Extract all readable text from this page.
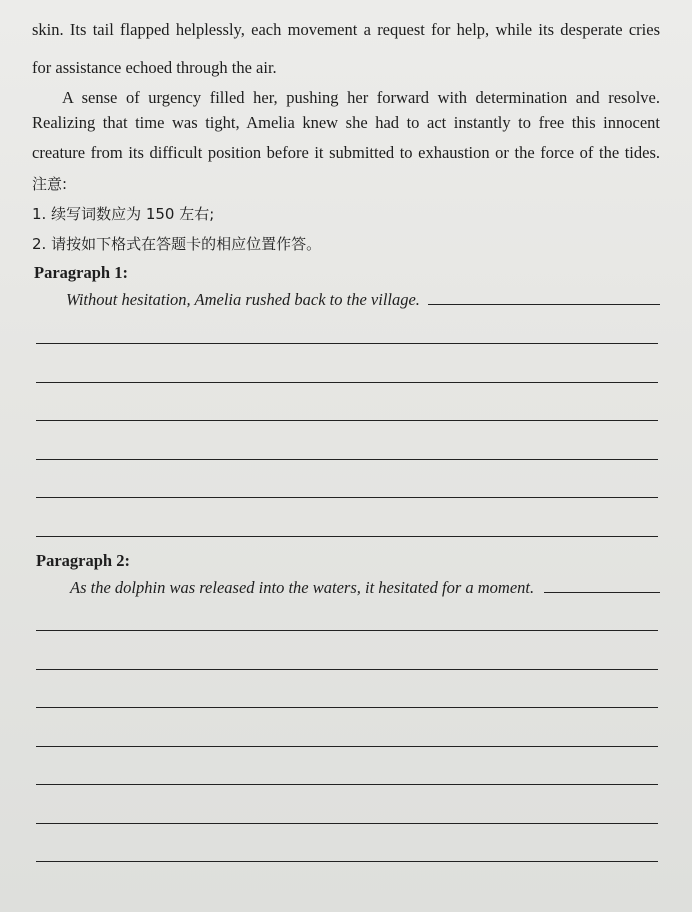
skin. Its tail flapped helplessly, each movement a request for help, while its desperate cries
for assistance echoed through the air.
A sense of urgency filled her, pushing her forward with determination and resolve.
Realizing that time was tight, Amelia knew she had to act instantly to free this innocent
creature from its difficult position before it submitted to exhaustion or the force of the tides.
注意:
1. 续写词数应为 150 左右;
2. 请按如下格式在答题卡的相应位置作答。
Paragraph 1:
Without hesitation, Amelia rushed back to the village.
Paragraph 2:
As the dolphin was released into the waters, it hesitated for a moment.
